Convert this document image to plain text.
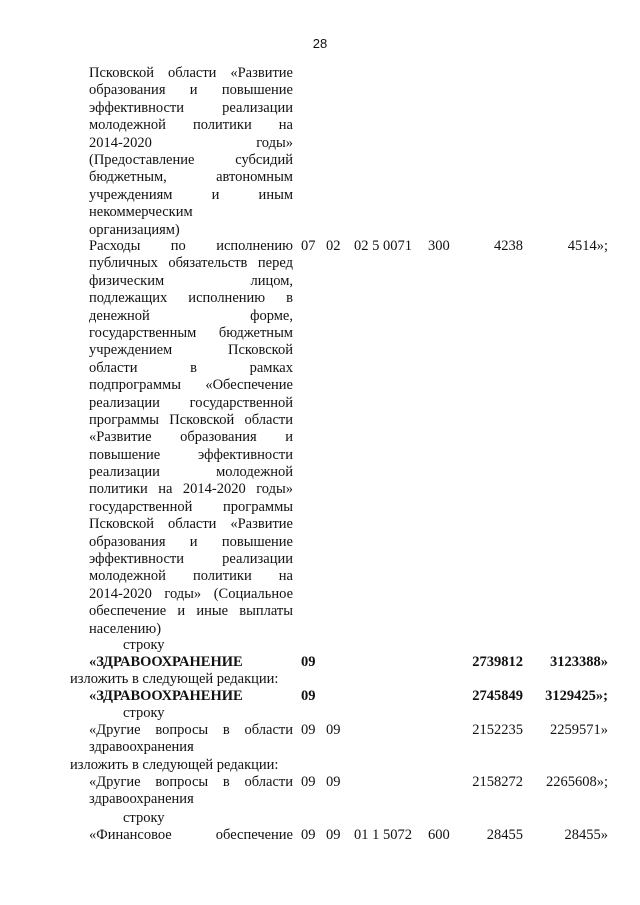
28
Псковской области «Развитие
образования и повышение
эффективности реализации
молодежной политики на
2014-2020 годы»
(Предоставление субсидий
бюджетным, автономным
учреждениям и иным
некоммерческим
организациям)
Расходы по исполнению
публичных обязательств перед
физическим лицом,
подлежащих исполнению в
денежной форме,
государственным бюджетным
учреждением Псковской
области в рамках
подпрограммы «Обеспечение
реализации государственной
программы Псковской области
«Развитие образования и
повышение эффективности
реализации молодежной
политики на 2014-2020 годы»
государственной программы
Псковской области «Развитие
образования и повышение
эффективности реализации
молодежной политики на
2014-2020 годы» (Социальное
обеспечение и иные выплаты
населению)
07 02 02 5 0071 300	4238	4514»;
строку
«ЗДРАВООХРАНЕНИЕ	09	2739812 3123388»
изложить в следующей редакции:
«ЗДРАВООХРАНЕНИЕ	09	2745849 3129425»;
строку
«Другие вопросы в области
здравоохранения
09 09	2152235 2259571»
изложить в следующей редакции:
«Другие вопросы в области
здравоохранения
09 09	2158272 2265608»;
строку
«Финансовое обеспечение 09 09 01 1 5072 600	28455	28455»
